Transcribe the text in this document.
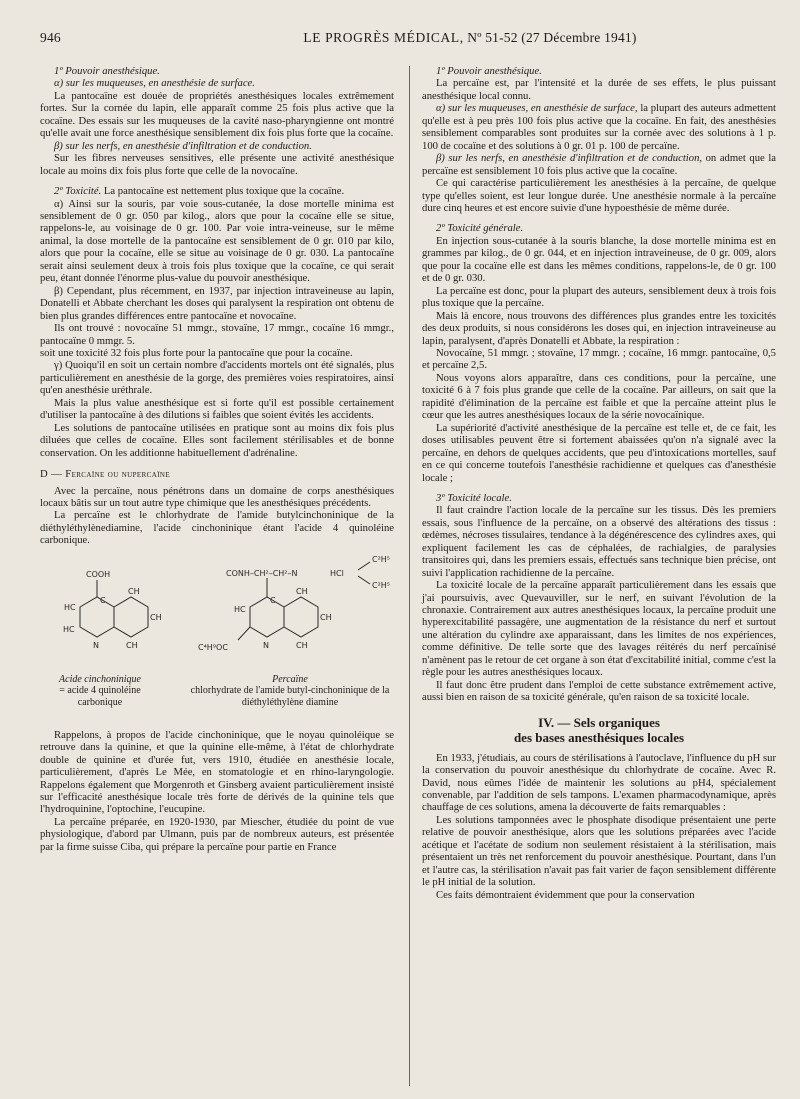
946	LE PROGRÈS MÉDICAL, Nº 51-52 (27 Décembre 1941)

1º Pouvoir anesthésique.

α) sur les muqueuses, en anesthésie de surface.

La pantocaïne est douée de propriétés anesthésiques locales extrêmement fortes. Sur la cornée du lapin, elle apparaît comme 25 fois plus active que la cocaïne. Des essais sur les muqueuses de la cavité naso-pharyngienne ont montré qu'elle avait une force anesthésique sensiblement dix fois plus forte que la cocaïne.

β) sur les nerfs, en anesthésie d'infiltration et de conduction.

Sur les fibres nerveuses sensitives, elle présente une activité anesthésique locale au moins dix fois plus forte que celle de la novocaïne.

2º Toxicité. La pantocaïne est nettement plus toxique que la cocaïne.

α) Ainsi sur la souris, par voie sous-cutanée, la dose mortelle minima est sensiblement de 0 gr. 050 par kilog., alors que pour la cocaïne elle se situe, rappelons-le, au voisinage de 0 gr. 100. Par voie intra-veineuse, sur le même animal, la dose mortelle de la pantocaïne est sensiblement de 0 gr. 010 par kilo, alors que pour la cocaïne, elle se situe au voisinage de 0 gr. 030. La pantocaïne serait ainsi seulement deux à trois fois plus toxique que la cocaïne, ce qui serait peu, étant donnée l'énorme plus-value du pouvoir anesthésique.

β) Cependant, plus récemment, en 1937, par injection intraveineuse au lapin, Donatelli et Abbate cherchant les doses qui paralysent la respiration ont obtenu de bien plus grandes différences entre pantocaïne et novocaïne.

Ils ont trouvé : novocaïne 51 mmgr., stovaïne, 17 mmgr., cocaïne 16 mmgr., pantocaïne 0 mmgr. 5.

soit une toxicité 32 fois plus forte pour la pantocaïne que pour la cocaïne.

γ) Quoiqu'il en soit un certain nombre d'accidents mortels ont été signalés, plus particulièrement en anesthésie de la gorge, des premières voies respiratoires, ainsi qu'en anesthésie uréthrale.

Mais la plus value anesthésique est si forte qu'il est possible certainement d'utiliser la pantocaïne à des dilutions si faibles que soient évités les accidents.

Les solutions de pantocaïne utilisées en pratique sont au moins dix fois plus diluées que celles de cocaïne. Elles sont facilement stérilisables et de bonne conservation. On les additionne habituellement d'adrénaline.

D — Fercaïne ou nupercaïne

Avec la percaïne, nous pénétrons dans un domaine de corps anesthésiques locaux bâtis sur un tout autre type chimique que les anesthésiques précédents.

La percaïne est le chlorhydrate de l'amide butylcinchoninique de la diéthyléthylènediamine, l'acide cinchoninique étant l'acide 4 quinoléine carbonique.

COOH
C
CH
HC
CH
HC
N	CH
CONH–CH²–CH²–N
C²H⁵
C²H⁵
HCl
C
CH
HC
CH
C⁴H⁹OC	N	CH
Acide cinchoninique
= acide 4 quinoléine carbonique
Percaïne
chlorhydrate de l'amide butyl-cinchoninique de la diéthyléthylène diamine

Rappelons, à propos de l'acide cinchoninique, que le noyau quinoléique se retrouve dans la quinine, et que la quinine elle-même, à l'état de chlorhydrate double de quinine et d'urée fut, vers 1910, étudiée en anesthésie locale, particulièrement, d'après Le Mée, en stomatologie et en rhino-laryngologie. Rappelons également que Morgenroth et Ginsberg avaient particulièrement insisté sur l'efficacité anesthésique locale très forte de dérivés de la quinine tels que l'hydroquinine, l'optochine, l'eucupine.

La percaïne préparée, en 1920-1930, par Miescher, étudiée du point de vue physiologique, d'abord par Ulmann, puis par de nombreux auteurs, est présentée par la firme suisse Ciba, qui prépare la percaïne pour partie en France

1º Pouvoir anesthésique.

La percaïne est, par l'intensité et la durée de ses effets, le plus puissant anesthésique local connu.

α) sur les muqueuses, en anesthésie de surface, la plupart des auteurs admettent qu'elle est à peu près 100 fois plus active que la cocaïne. En fait, des anesthésies sensiblement comparables sont produites sur la cornée avec des solutions à 1 p. 100 de cocaïne et des solutions à 0 gr. 01 p. 100 de percaïne.

β) sur les nerfs, en anesthésie d'infiltration et de conduction, on admet que la percaïne est sensiblement 10 fois plus active que la cocaïne.

Ce qui caractérise particulièrement les anesthésies à la percaïne, de quelque type qu'elles soient, est leur longue durée. Une anesthésie normale à la percaïne dure cinq heures et est encore suivie d'une hypoesthésie de même durée.

2º Toxicité générale.

En injection sous-cutanée à la souris blanche, la dose mortelle minima est en grammes par kilog., de 0 gr. 044, et en injection intraveineuse, de 0 gr. 009, alors que pour la cocaïne elle est dans les mêmes conditions, rappelons-le, de 0 gr. 100 et de 0 gr. 030.

La percaïne est donc, pour la plupart des auteurs, sensiblement deux à trois fois plus toxique que la percaïne.

Mais là encore, nous trouvons des différences plus grandes entre les toxicités des deux produits, si nous considérons les doses qui, en injection intraveineuse au lapin, paralysent, d'après Donatelli et Abbate, la respiration :

Novocaïne, 51 mmgr. ; stovaïne, 17 mmgr. ; cocaïne, 16 mmgr. pantocaïne, 0,5 et percaïne 2,5.

Nous voyons alors apparaître, dans ces conditions, pour la percaïne, une toxicité 6 à 7 fois plus grande que celle de la cocaïne. Par ailleurs, on sait que la rapidité d'élimination de la percaïne est faible et que la percaïne atteint plus le cœur que les autres anesthésiques locaux de la série novocaïnique.

La supériorité d'activité anesthésique de la percaïne est telle et, de ce fait, les doses utilisables peuvent être si fortement abaissées qu'on n'a signalé avec la percaïne, en dehors de quelques accidents, que peu d'intoxications mortelles, sauf en ce qui concerne toutefois l'anesthésie rachidienne et quelques cas d'anesthésie locale ;

3º Toxicité locale.

Il faut craindre l'action locale de la percaïne sur les tissus. Dès les premiers essais, sous l'influence de la percaïne, on a observé des altérations des tissus : œdèmes, nécroses tissulaires, tendance à la dégénérescence des cylindres axes, qui expliquent facilement les cas de céphalées, de rachialgies, de paralysies transitoires qui, dans les premiers essais, effectués sans technique bien précise, ont suivi l'application rachidienne de la percaïne.

La toxicité locale de la percaïne apparaît particulièrement dans les essais que j'ai poursuivis, avec Quevauviller, sur le nerf, en suivant l'évolution de la chronaxie. Contrairement aux autres anesthésiques locaux, la percaïne produit une hyperexcitabilité passagère, une augmentation de la résistance du nerf et surtout une altération du cylindre axe apparaissant, dans les limites de nos expériences, comme définitive. De telle sorte que des lavages réitérés du nerf percaïnisé n'amènent pas le retour de cet organe à son état d'excitabilité initial, comme c'est la règle pour les autres anesthésiques locaux.

Il faut donc être prudent dans l'emploi de cette substance extrêmement active, aussi bien en raison de sa toxicité générale, qu'en raison de sa toxicité locale.

IV. — Sels organiques
des bases anesthésiques locales

En 1933, j'étudiais, au cours de stérilisations à l'autoclave, l'influence du pH sur la conservation du pouvoir anesthésique du chlorhydrate de cocaïne. Avec R. David, nous eûmes l'idée de maintenir les solutions au pH4, spécialement convenable, par l'addition de sels tampons. L'examen pharmacodynamique, après chauffage de ces solutions, amena la découverte de faits remarquables :

Les solutions tamponnées avec le phosphate disodique présentaient une perte relative de pouvoir anesthésique, alors que les solutions préparées avec l'acide acétique et l'acétate de sodium non seulement résistaient à la stérilisation, mais présentaient un très net renforcement du pouvoir anesthésique. Pourtant, dans l'un et l'autre cas, la stérilisation n'avait pas fait varier de façon sensiblement différente le pH initial de la solution.

Ces faits démontraient évidemment que pour la conservation
